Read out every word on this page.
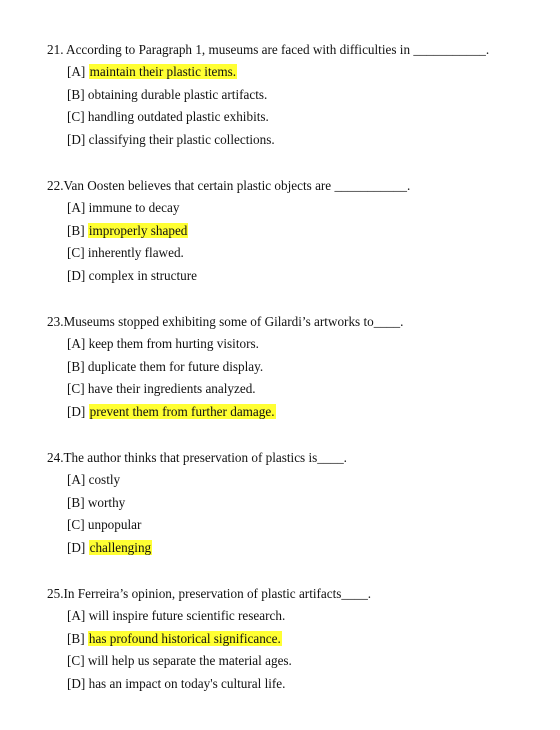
21. According to Paragraph 1, museums are faced with difficulties in ___________.
[A] maintain their plastic items.
[B] obtaining durable plastic artifacts.
[C] handling outdated plastic exhibits.
[D] classifying their plastic collections.
22.Van Oosten believes that certain plastic objects are ___________.
[A] immune to decay
[B] improperly shaped
[C] inherently flawed.
[D] complex in structure
23.Museums stopped exhibiting some of Gilardi’s artworks to____.
[A] keep them from hurting visitors.
[B] duplicate them for future display.
[C] have their ingredients analyzed.
[D] prevent them from further damage.
24.The author thinks that preservation of plastics is____.
[A] costly
[B] worthy
[C] unpopular
[D] challenging
25.In Ferreira’s opinion, preservation of plastic artifacts____.
[A] will inspire future scientific research.
[B] has profound historical significance.
[C] will help us separate the material ages.
[D] has an impact on today's cultural life.
